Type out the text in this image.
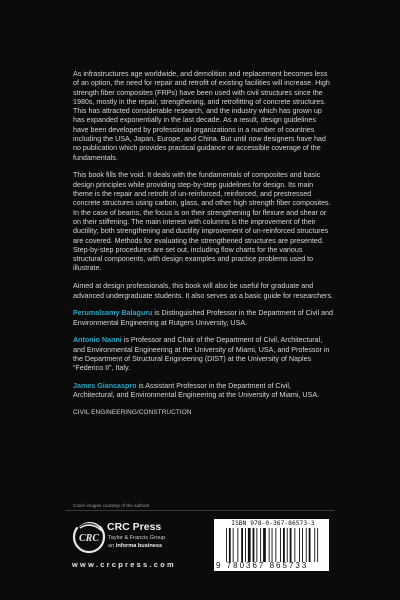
As infrastructures age worldwide, and demolition and replacement becomes less of an option, the need for repair and retrofit of existing facilities will increase. High strength fiber composites (FRPs) have been used with civil structures since the 1980s, mostly in the repair, strengthening, and retrofitting of concrete structures. This has attracted considerable research, and the industry which has grown up has expanded exponentially in the last decade. As a result, design guidelines have been developed by professional organizations in a number of countries including the USA, Japan, Europe, and China. But until now designers have had no publication which provides practical guidance or accessible coverage of the fundamentals.

This book fills the void. It deals with the fundamentals of composites and basic design principles while providing step-by-step guidelines for design. Its main theme is the repair and retrofit of un-reinforced, reinforced, and prestressed concrete structures using carbon, glass, and other high strength fiber composites. In the case of beams, the focus is on their strengthening for flexure and shear or on their stiffening. The main interest with columns is the improvement of their ductility; both strengthening and ductility improvement of un-reinforced structures are covered. Methods for evaluating the strengthened structures are presented. Step-by-step procedures are set out, including flow charts for the various structural components, with design examples and practice problems used to illustrate.

Aimed at design professionals, this book will also be useful for graduate and advanced undergraduate students. It also serves as a basic guide for researchers.

Perumalsamy Balaguru is Distinguished Professor in the Department of Civil and Environmental Engineering at Rutgers University, USA.

Antonio Nanni is Professor and Chair of the Department of Civil, Architectural, and Environmental Engineering at the University of Miami, USA, and Professor in the Department of Structural Engineering (DIST) at the University of Naples “Federico II”, Italy.

James Giancaspro is Assistant Professor in the Department of Civil, Architectural, and Environmental Engineering at the University of Miami, USA.

CIVIL ENGINEERING/CONSTRUCTION
Cover images courtesy of the authors
CRC
CRC Press
Taylor & Francis Group
an informa business
www.crcpress.com
ISBN 978-0-367-86573-3
9 780367 865733
